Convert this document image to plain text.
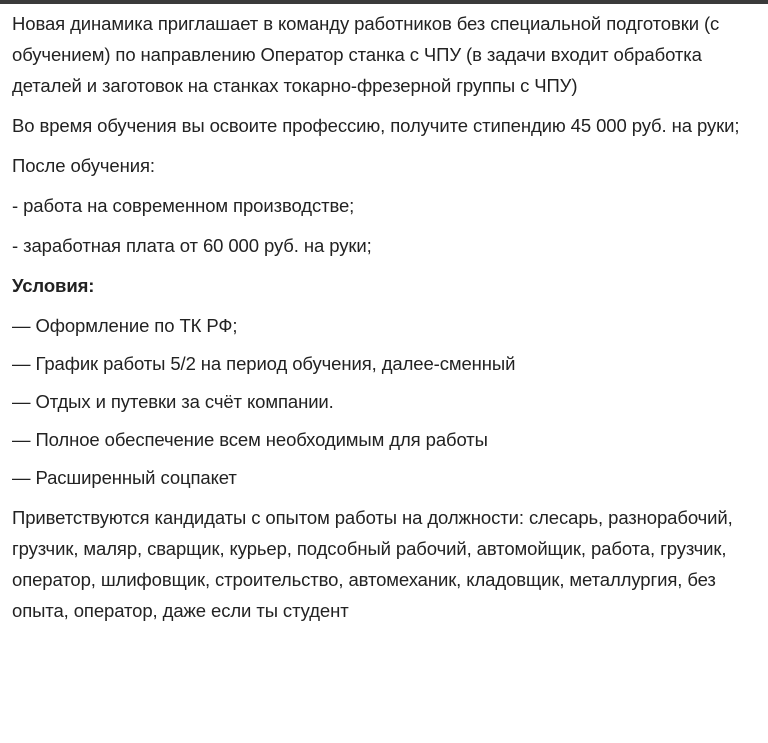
Новая динамика приглашает в команду работников без специальной подготовки (с обучением) по направлению Оператор станка с ЧПУ (в задачи входит обработка деталей и заготовок на станках токарно-фрезерной группы с ЧПУ)

Во время обучения вы освоите профессию, получите стипендию 45 000 руб. на руки;

После обучения:

- работа на современном производстве;

- заработная плата от 60 000 руб. на руки;

Условия:

— Оформление по ТК РФ;

— График работы 5/2 на период обучения, далее-сменный

— Отдых и путевки за счёт компании.

— Полное обеспечение всем необходимым для работы

— Расширенный соцпакет

Приветствуются кандидаты с опытом работы на должности: слесарь, разнорабочий, грузчик, маляр, сварщик, курьер, подсобный рабочий, автомойщик, работа, грузчик, оператор, шлифовщик, строительство, автомеханик, кладовщик, металлургия, без опыта, оператор, даже если ты студент
